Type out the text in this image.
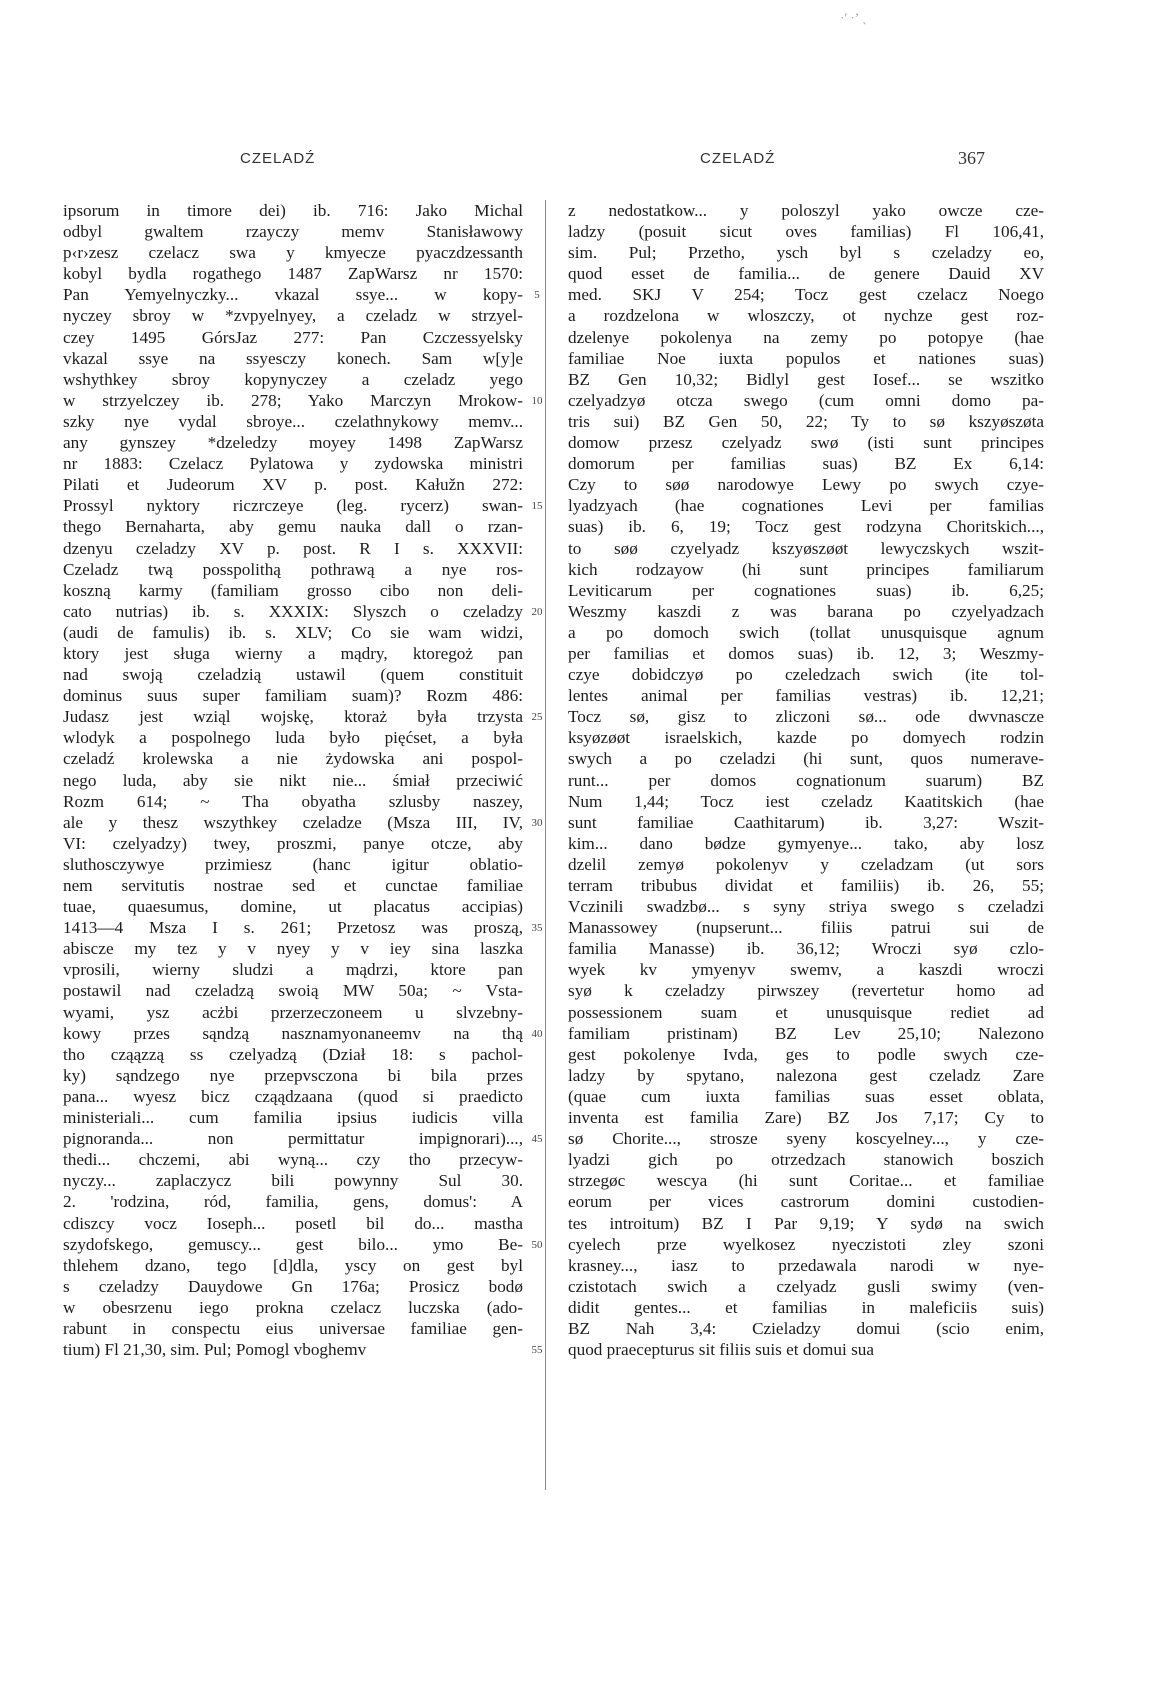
·ʹ ·ʼ ˏ
CZELADŹ	CZELADŹ	367
ipsorum in timore dei) ib. 716: Jako Michal
odbyl gwaltem rzayczy memv Stanisławowy
p‹r›zesz czelacz swa y kmyecze pyaczdzessanth
kobyl bydla rogathego 1487 ZapWarsz nr 1570:
Pan Yemyelnyczky... vkazal ssye... w kopy-
nyczey sbroy w *zvpyelnyey, a czeladz w strzyel-
czey 1495 GórsJaz 277: Pan Czczessyelsky
vkazal ssye na ssyesczy konech. Sam w[y]e
wshythkey sbroy kopynyczey a czeladz yego
w strzyelczey ib. 278; Yako Marczyn Mrokow-
szky nye vydal sbroye... czelathnykowy memv...
any gynszey *dzeledzy moyey 1498 ZapWarsz
nr 1883: Czelacz Pylatowa y zydowska ministri
Pilati et Judeorum XV p. post. Kałužn 272:
Prossyl nyktory riczrczeye (leg. rycerz) swan-
thego Bernaharta, aby gemu nauka dall o rzan-
dzenyu czeladzy XV p. post. R I s. XXXVII:
Czeladz twą posspolithą pothrawą a nye ros-
koszną karmy (familiam grosso cibo non deli-
cato nutrias) ib. s. XXXIX: Slyszch o czeladzy
(audi de famulis) ib. s. XLV; Co sie wam widzi,
ktory jest sługa wierny a mądry, ktoregoż pan
nad swoją czeladzią ustawil (quem constituit
dominus suus super familiam suam)? Rozm 486:
Judasz jest wziąl wojskę, ktoraż była trzysta
wlodyk a pospolnego luda było pięćset, a była
czeladź krolewska a nie żydowska ani pospol-
nego luda, aby sie nikt nie... śmiał przeciwić
Rozm 614; ~ Tha obyatha szlusby naszey,
ale y thesz wszythkey czeladze (Msza III, IV,
VI: czelyadzy) twey, proszmi, panye otcze, aby
sluthosczywye przimiesz (hanc igitur oblatio-
nem servitutis nostrae sed et cunctae familiae
tuae, quaesumus, domine, ut placatus accipias)
1413—4 Msza I s. 261; Przetosz was proszą,
abiscze my tez y v nyey y v iey sina laszka
vprosili, wierny sludzi a mądrzi, ktore pan
postawil nad czeladzą swoią MW 50a; ~ Vsta-
wyami, ysz acżbi przerzeczoneem u slvzebny-
kowy przes sąndzą nasznamyonaneemv na thą
tho cząązzą ss czelyadzą (Dział 18: s pachol-
ky) sąndzego nye przepvsczona bi bila przes
pana... wyesz bicz cząądzaana (quod si praedicto
ministeriali... cum familia ipsius iudicis villa
pignoranda... non permittatur impignorari)...,
thedi... chczemi, abi wyną... czy tho przecyw-
nyczy... zaplaczycz bili powynny Sul 30.
2. 'rodzina, ród, familia, gens, domus': A
cdiszcy vocz Ioseph... posetl bil do... mastha
szydofskego, gemuscy... gest bilo... ymo Be-
thlehem dzano, tego [d]dla, yscy on gest byl
s czeladzy Dauydowe Gn 176a; Prosicz bodø
w obesrzenu iego prokna czelacz luczska (ado-
rabunt in conspectu eius universae familiae gen-
tium) Fl 21,30, sim. Pul; Pomogl vboghemv
5
10
15
20
25
30
35
40
45
50
55
z nedostatkow... y poloszyl yako owcze cze-
ladzy (posuit sicut oves familias) Fl 106,41,
sim. Pul; Przetho, ysch byl s czeladzy eo,
quod esset de familia... de genere Dauid XV
med. SKJ V 254; Tocz gest czelacz Noego
a rozdzelona w wloszczy, ot nychze gest roz-
dzelenye pokolenya na zemy po potopye (hae
familiae Noe iuxta populos et nationes suas)
BZ Gen 10,32; Bidlyl gest Iosef... se wszitko
czelyadzyø otcza swego (cum omni domo pa-
tris sui) BZ Gen 50, 22; Ty to sø kszyøszøta
domow przesz czelyadz swø (isti sunt principes
domorum per familias suas) BZ Ex 6,14:
Czy to søø narodowye Lewy po swych czye-
lyadzyach (hae cognationes Levi per familias
suas) ib. 6, 19; Tocz gest rodzyna Choritskich...,
to søø czyelyadz kszyøszøøt lewyczskych wszit-
kich rodzayow (hi sunt principes familiarum
Leviticarum per cognationes suas) ib. 6,25;
Weszmy kaszdi z was barana po czyelyadzach
a po domoch swich (tollat unusquisque agnum
per familias et domos suas) ib. 12, 3; Weszmy-
czye dobidczyø po czeledzach swich (ite tol-
lentes animal per familias vestras) ib. 12,21;
Tocz sø, gisz to zliczoni sø... ode dwvnascze
ksyøzøøt israelskich, kazde po domyech rodzin
swych a po czeladzi (hi sunt, quos numerave-
runt... per domos cognationum suarum) BZ
Num 1,44; Tocz iest czeladz Kaatitskich (hae
sunt familiae Caathitarum) ib. 3,27: Wszit-
kim... dano bødze gymyenye... tako, aby losz
dzelil zemyø pokolenyv y czeladzam (ut sors
terram tribubus dividat et familiis) ib. 26, 55;
Vczinili swadzbø... s syny striya swego s czeladzi
Manassowey (nupserunt... filiis patrui sui de
familia Manasse) ib. 36,12; Wroczi syø czlo-
wyek kv ymyenyv swemv, a kaszdi wroczi
syø k czeladzy pirwszey (revertetur homo ad
possessionem suam et unusquisque rediet ad
familiam pristinam) BZ Lev 25,10; Nalezono
gest pokolenye Ivda, ges to podle swych cze-
ladzy by spytano, nalezona gest czeladz Zare
(quae cum iuxta familias suas esset oblata,
inventa est familia Zare) BZ Jos 7,17; Cy to
sø Chorite..., strosze syeny koscyelney..., y cze-
lyadzi gich po otrzedzach stanowich boszich
strzegøc wescya (hi sunt Coritae... et familiae
eorum per vices castrorum domini custodien-
tes introitum) BZ I Par 9,19; Y sydø na swich
cyelech prze wyelkosez nyeczistoti zley szoni
krasney..., iasz to przedawala narodi w nye-
czistotach swich a czelyadz gusli swimy (ven-
didit gentes... et familias in maleficiis suis)
BZ Nah 3,4: Czieladzy domui (scio enim,
quod praecepturus sit filiis suis et domui sua
